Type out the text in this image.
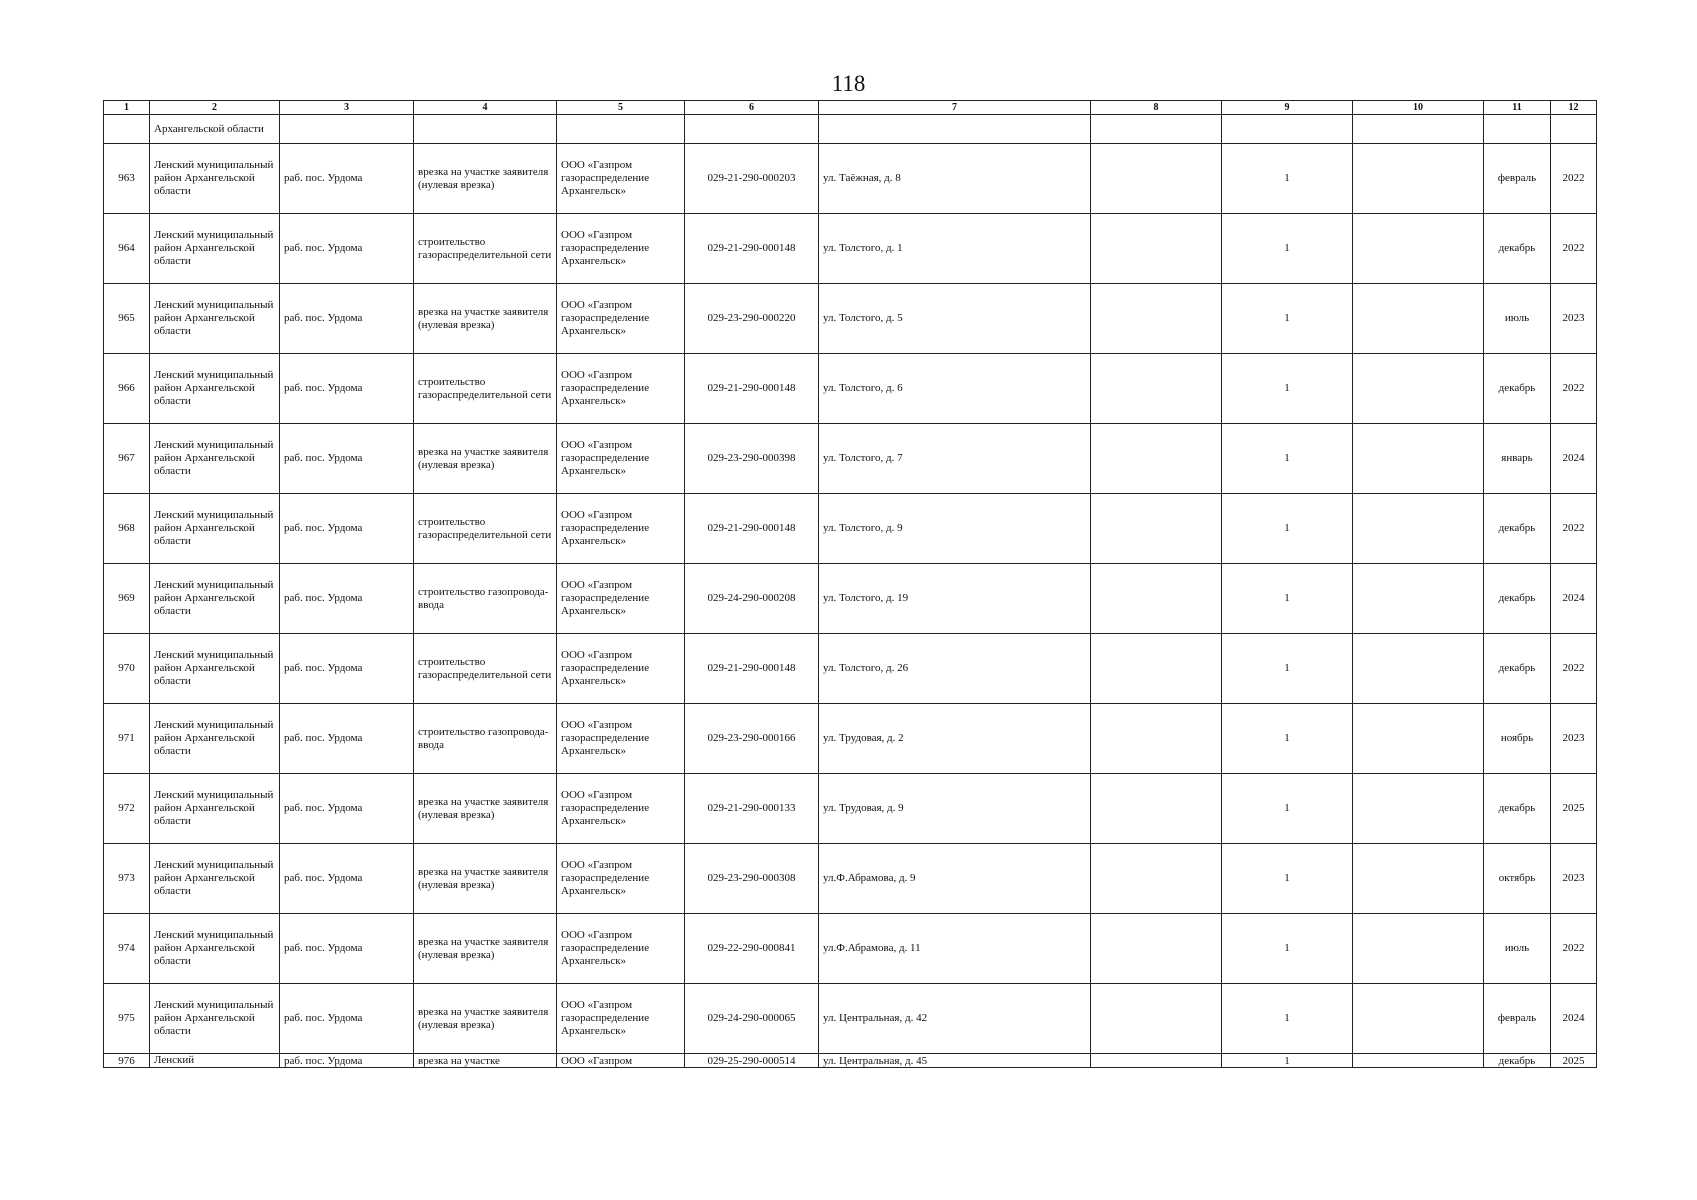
118
1	2	3	4	5	6	7	8	9	10	11	12
	Архангельской области										
963	Ленский муниципальный район Архангельской области	раб. пос. Урдома	врезка на участке заявителя (нулевая врезка)	ООО «Газпром газораспределение Архангельск»	029-21-290-000203	ул. Таёжная, д. 8		1		февраль	2022
964	Ленский муниципальный район Архангельской области	раб. пос. Урдома	строительство газораспределительной сети	ООО «Газпром газораспределение Архангельск»	029-21-290-000148	ул. Толстого, д. 1		1		декабрь	2022
965	Ленский муниципальный район Архангельской области	раб. пос. Урдома	врезка на участке заявителя (нулевая врезка)	ООО «Газпром газораспределение Архангельск»	029-23-290-000220	ул. Толстого, д. 5		1		июль	2023
966	Ленский муниципальный район Архангельской области	раб. пос. Урдома	строительство газораспределительной сети	ООО «Газпром газораспределение Архангельск»	029-21-290-000148	ул. Толстого, д. 6		1		декабрь	2022
967	Ленский муниципальный район Архангельской области	раб. пос. Урдома	врезка на участке заявителя (нулевая врезка)	ООО «Газпром газораспределение Архангельск»	029-23-290-000398	ул. Толстого, д. 7		1		январь	2024
968	Ленский муниципальный район Архангельской области	раб. пос. Урдома	строительство газораспределительной сети	ООО «Газпром газораспределение Архангельск»	029-21-290-000148	ул. Толстого, д. 9		1		декабрь	2022
969	Ленский муниципальный район Архангельской области	раб. пос. Урдома	строительство газопровода-ввода	ООО «Газпром газораспределение Архангельск»	029-24-290-000208	ул. Толстого, д. 19		1		декабрь	2024
970	Ленский муниципальный район Архангельской области	раб. пос. Урдома	строительство газораспределительной сети	ООО «Газпром газораспределение Архангельск»	029-21-290-000148	ул. Толстого, д. 26		1		декабрь	2022
971	Ленский муниципальный район Архангельской области	раб. пос. Урдома	строительство газопровода-ввода	ООО «Газпром газораспределение Архангельск»	029-23-290-000166	ул. Трудовая, д. 2		1		ноябрь	2023
972	Ленский муниципальный район Архангельской области	раб. пос. Урдома	врезка на участке заявителя (нулевая врезка)	ООО «Газпром газораспределение Архангельск»	029-21-290-000133	ул. Трудовая, д. 9		1		декабрь	2025
973	Ленский муниципальный район Архангельской области	раб. пос. Урдома	врезка на участке заявителя (нулевая врезка)	ООО «Газпром газораспределение Архангельск»	029-23-290-000308	ул.Ф.Абрамова, д. 9		1		октябрь	2023
974	Ленский муниципальный район Архангельской области	раб. пос. Урдома	врезка на участке заявителя (нулевая врезка)	ООО «Газпром газораспределение Архангельск»	029-22-290-000841	ул.Ф.Абрамова, д. 11		1		июль	2022
975	Ленский муниципальный район Архангельской области	раб. пос. Урдома	врезка на участке заявителя (нулевая врезка)	ООО «Газпром газораспределение Архангельск»	029-24-290-000065	ул. Центральная, д. 42		1		февраль	2024
976	Ленский	раб. пос. Урдома	врезка на участке	ООО «Газпром	029-25-290-000514	ул. Центральная, д. 45		1		декабрь	2025
